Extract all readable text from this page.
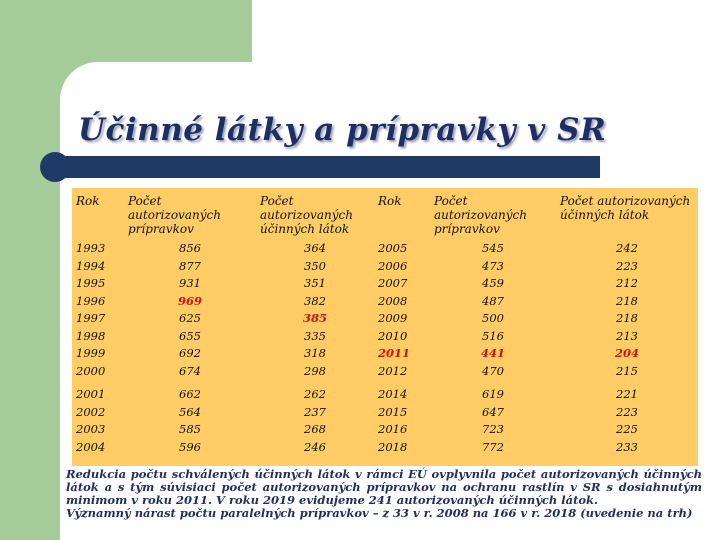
Účinné látky a prípravky v SR
Rok	Počet autorizovaných prípravkov	Počet autorizovaných účinných látok	Rok	Počet autorizovaných prípravkov	Počet autorizovaných účinných látok
1993	856	364	2005	545	242
1994	877	350	2006	473	223
1995	931	351	2007	459	212
1996	969	382	2008	487	218
1997	625	385	2009	500	218
1998	655	335	2010	516	213
1999	692	318	2011	441	204
2000	674	298	2012	470	215
2001	662	262	2014	619	221
2002	564	237	2015	647	223
2003	585	268	2016	723	225
2004	596	246	2018	772	233

Redukcia počtu schválených účinných látok v rámci EÚ ovplyvnila počet autorizovaných účinných látok a s tým súvisiaci počet autorizovaných prípravkov na ochranu rastlín v SR s dosiahnutým minimom v roku 2011. V roku 2019 evidujeme 241 autorizovaných účinných látok.

Významný nárast počtu paralelných prípravkov – z 33 v r. 2008 na 166 v r. 2018 (uvedenie na trh)
